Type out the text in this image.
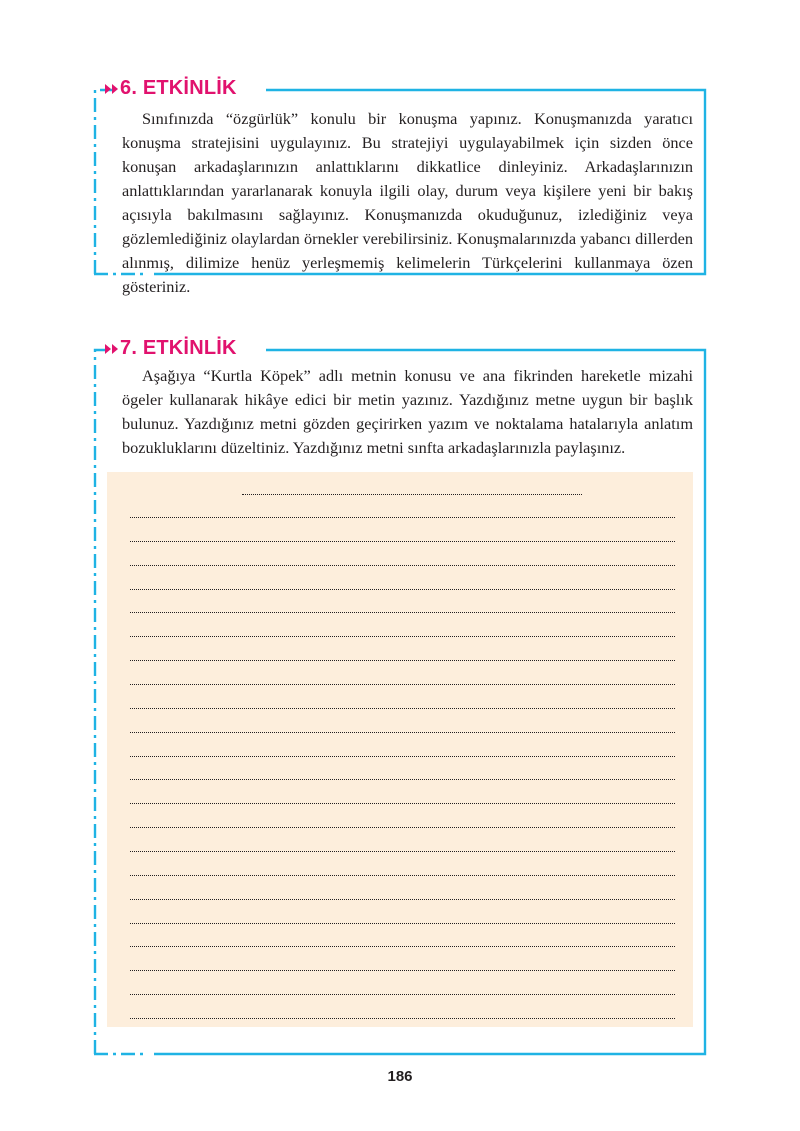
6. ETKİNLİK

Sınıfınızda “özgürlük” konulu bir konuşma yapınız. Konuşmanızda yaratıcı konuşma stratejisini uygulayınız. Bu stratejiyi uygulayabilmek için sizden önce konuşan arkadaşlarınızın anlattıklarını dikkatlice dinleyiniz. Arkadaşlarınızın anlattıklarından yararlanarak konuyla ilgili olay, durum veya kişilere yeni bir bakış açısıyla bakılmasını sağlayınız. Konuşmanızda okuduğunuz, izlediğiniz veya gözlemlediğiniz olaylardan örnekler verebilirsiniz. Konuşmalarınızda yabancı dillerden alınmış, dilimize henüz yerleşmemiş kelimelerin Türkçelerini kullanmaya özen gösteriniz.

7. ETKİNLİK

Aşağıya “Kurtla Köpek” adlı metnin konusu ve ana fikrinden hareketle mizahi ögeler kullanarak hikâye edici bir metin yazınız. Yazdığınız metne uygun bir başlık bulunuz. Yazdığınız metni gözden geçirirken yazım ve noktalama hatalarıyla anlatım bozukluklarını düzeltiniz. Yazdığınız metni sınfta arkadaşlarınızla paylaşınız.

186
